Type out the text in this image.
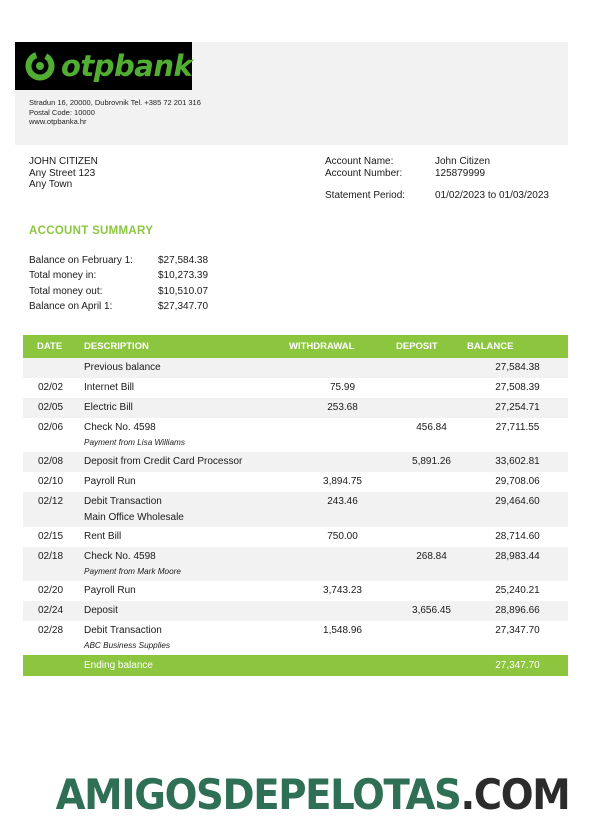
otpbank
Stradun 16, 20000, Dubrovnik Tel. +385 72 201 316
Postal Code: 10000
www.otpbanka.hr
JOHN CITIZEN
Any Street 123
Any Town
Account Name:	John Citizen
Account Number:	125879999
Statement Period:	01/02/2023 to 01/03/2023
ACCOUNT SUMMARY
Balance on February 1:	$27,584.38
Total money in:	$10,273.39
Total money out:	$10,510.07
Balance on April 1:	$27,347.70
DATE	DESCRIPTION	WITHDRAWAL	DEPOSIT	BALANCE

	Previous balance			27,584.38

02/02	Internet Bill	75.99		27,508.39

02/05	Electric Bill	253.68		27,254.71

02/06	Check No. 4598
Payment from Lisa Williams		456.84	27,711.55

02/08	Deposit from Credit Card Processor		5,891.26	33,602.81

02/10	Payroll Run	3,894.75		29,708.06

02/12	Debit Transaction
Main Office Wholesale	243.46		29,464.60

02/15	Rent Bill	750.00		28,714.60

02/18	Check No. 4598
Payment from Mark Moore		268.84	28,983.44

02/20	Payroll Run	3,743.23		25,240.21

02/24	Deposit		3,656.45	28,896.66

02/28	Debit Transaction
ABC Business Supplies	1,548.96		27,347.70

	Ending balance			27,347.70
AMIGOSDEPELOTAS.COM
